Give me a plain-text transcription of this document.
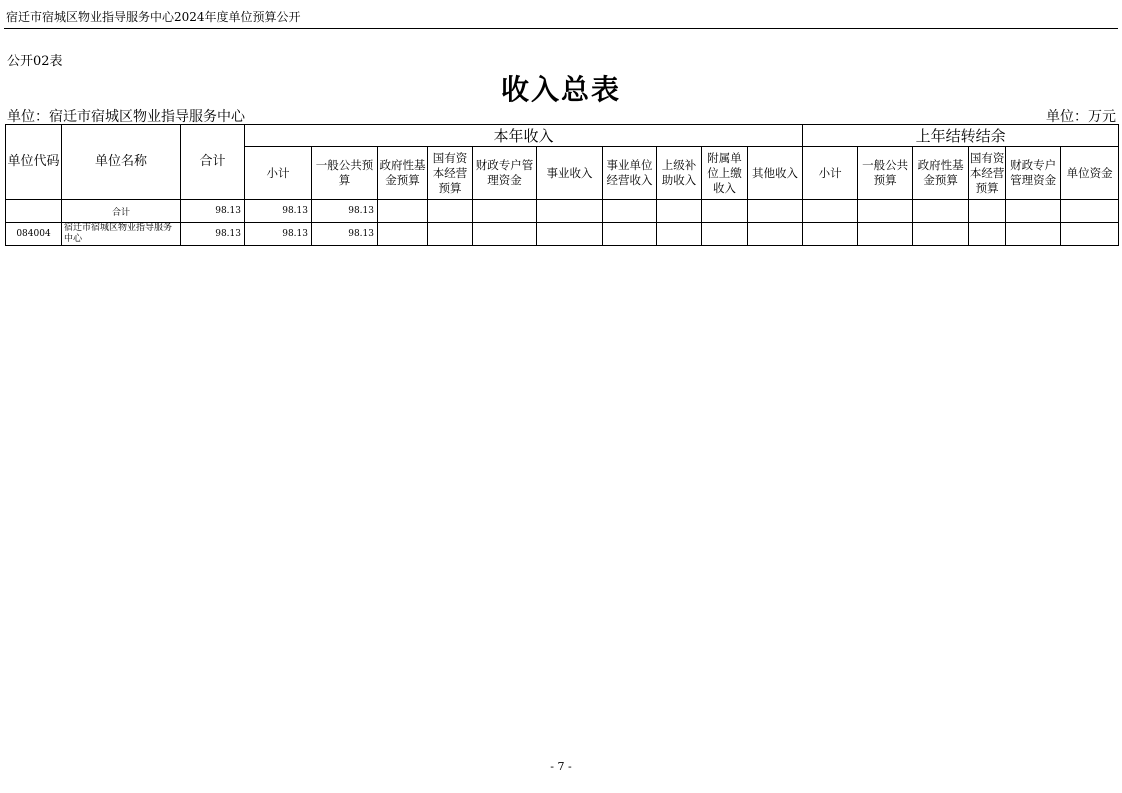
宿迁市宿城区物业指导服务中心2024年度单位预算公开
公开02表
收入总表
单位：宿迁市宿城区物业指导服务中心	单位：万元
单位代码	单位名称	合计	本年收入										上年结转结余					
			小计	一般公共预算	政府性基金预算	国有资本经营预算	财政专户管理资金	事业收入	事业单位经营收入	上级补助收入	附属单位上缴收入	其他收入	小计	一般公共预算	政府性基金预算	国有资本经营预算	财政专户管理资金	单位资金
	合计	98.13	98.13	98.13														
084004	宿迁市宿城区物业指导服务中心	98.13	98.13	98.13														
- 7 -
